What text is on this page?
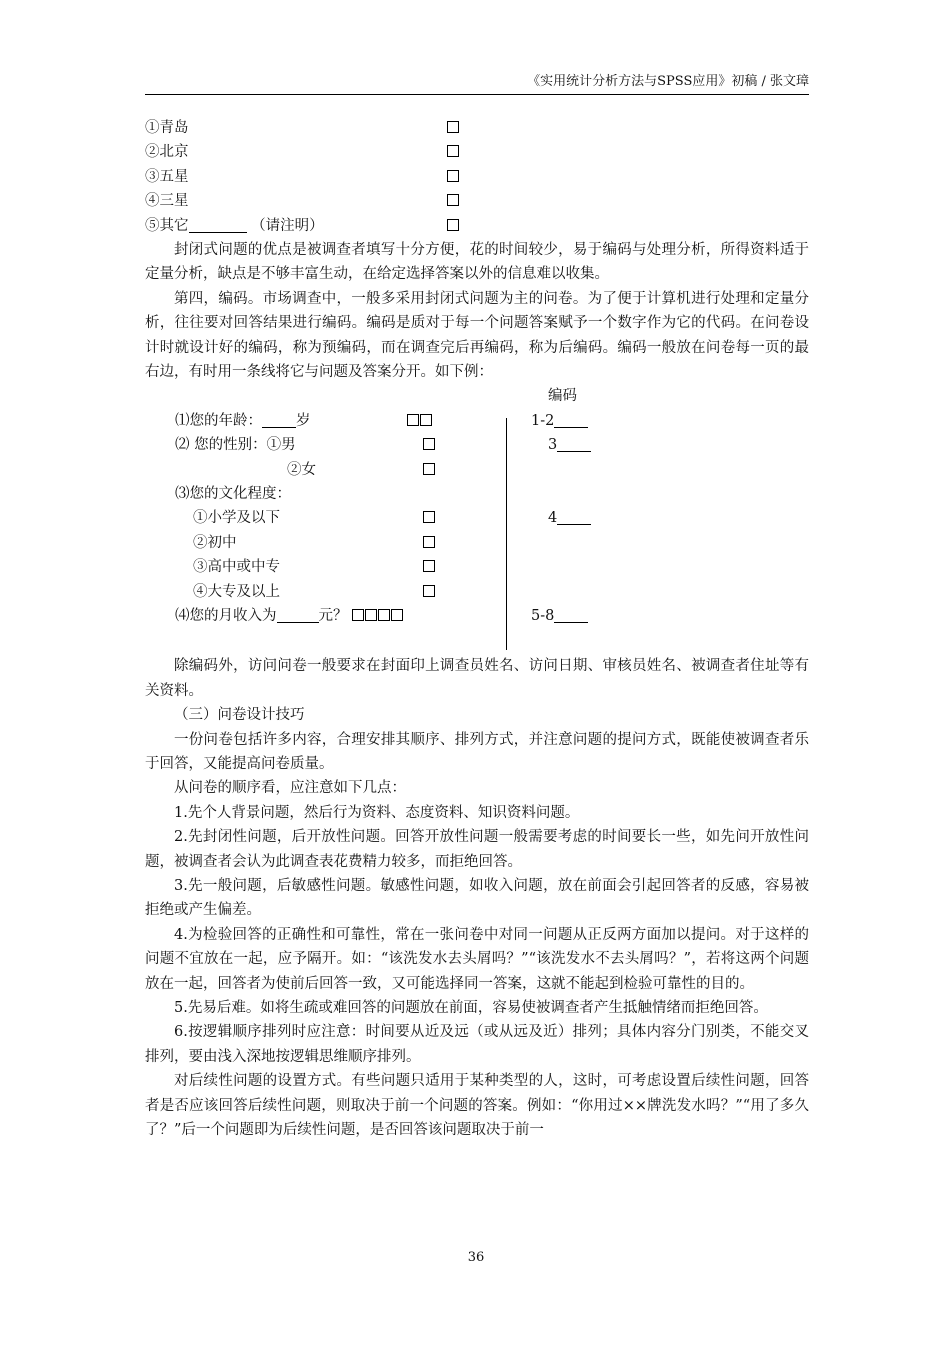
《实用统计分析方法与SPSS应用》初稿 / 张文璋
①青岛
②北京
③五星
④三星
⑤其它	（请注明）

封闭式问题的优点是被调查者填写十分方便，花的时间较少，易于编码与处理分析，所得资料适于定量分析，缺点是不够丰富生动，在给定选择答案以外的信息难以收集。

第四，编码。市场调查中，一般多采用封闭式问题为主的问卷。为了便于计算机进行处理和定量分析，往往要对回答结果进行编码。编码是质对于每一个问题答案赋予一个数字作为它的代码。在问卷设计时就设计好的编码，称为预编码，而在调查完后再编码，称为后编码。编码一般放在问卷每一页的最右边，有时用一条线将它与问题及答案分开。如下例：

编码
⑴您的年龄： 岁	1-2
⑵ 您的性别：①男	3
②女
⑶您的文化程度：
①小学及以下	4
②初中
③高中或中专
④大专及以上
⑷您的月收入为	元？	5-8

除编码外，访问问卷一般要求在封面印上调查员姓名、访问日期、审核员姓名、被调查者住址等有关资料。

（三）问卷设计技巧

一份问卷包括许多内容，合理安排其顺序、排列方式，并注意问题的提问方式，既能使被调查者乐于回答，又能提高问卷质量。

从问卷的顺序看，应注意如下几点：

1.先个人背景问题，然后行为资料、态度资料、知识资料问题。

2.先封闭性问题，后开放性问题。回答开放性问题一般需要考虑的时间要长一些，如先问开放性问题，被调查者会认为此调查表花费精力较多，而拒绝回答。

3.先一般问题，后敏感性问题。敏感性问题，如收入问题，放在前面会引起回答者的反感，容易被拒绝或产生偏差。

4.为检验回答的正确性和可靠性，常在一张问卷中对同一问题从正反两方面加以提问。对于这样的问题不宜放在一起，应予隔开。如：“该洗发水去头屑吗？”“该洗发水不去头屑吗？”，若将这两个问题放在一起，回答者为使前后回答一致，又可能选择同一答案，这就不能起到检验可靠性的目的。

5.先易后难。如将生疏或难回答的问题放在前面，容易使被调查者产生抵触情绪而拒绝回答。

6.按逻辑顺序排列时应注意：时间要从近及远（或从远及近）排列；具体内容分门别类，不能交叉排列，要由浅入深地按逻辑思维顺序排列。

对后续性问题的设置方式。有些问题只适用于某种类型的人，这时，可考虑设置后续性问题，回答者是否应该回答后续性问题，则取决于前一个问题的答案。例如：“你用过××牌洗发水吗？”“用了多久了？”后一个问题即为后续性问题，是否回答该问题取决于前一

36
